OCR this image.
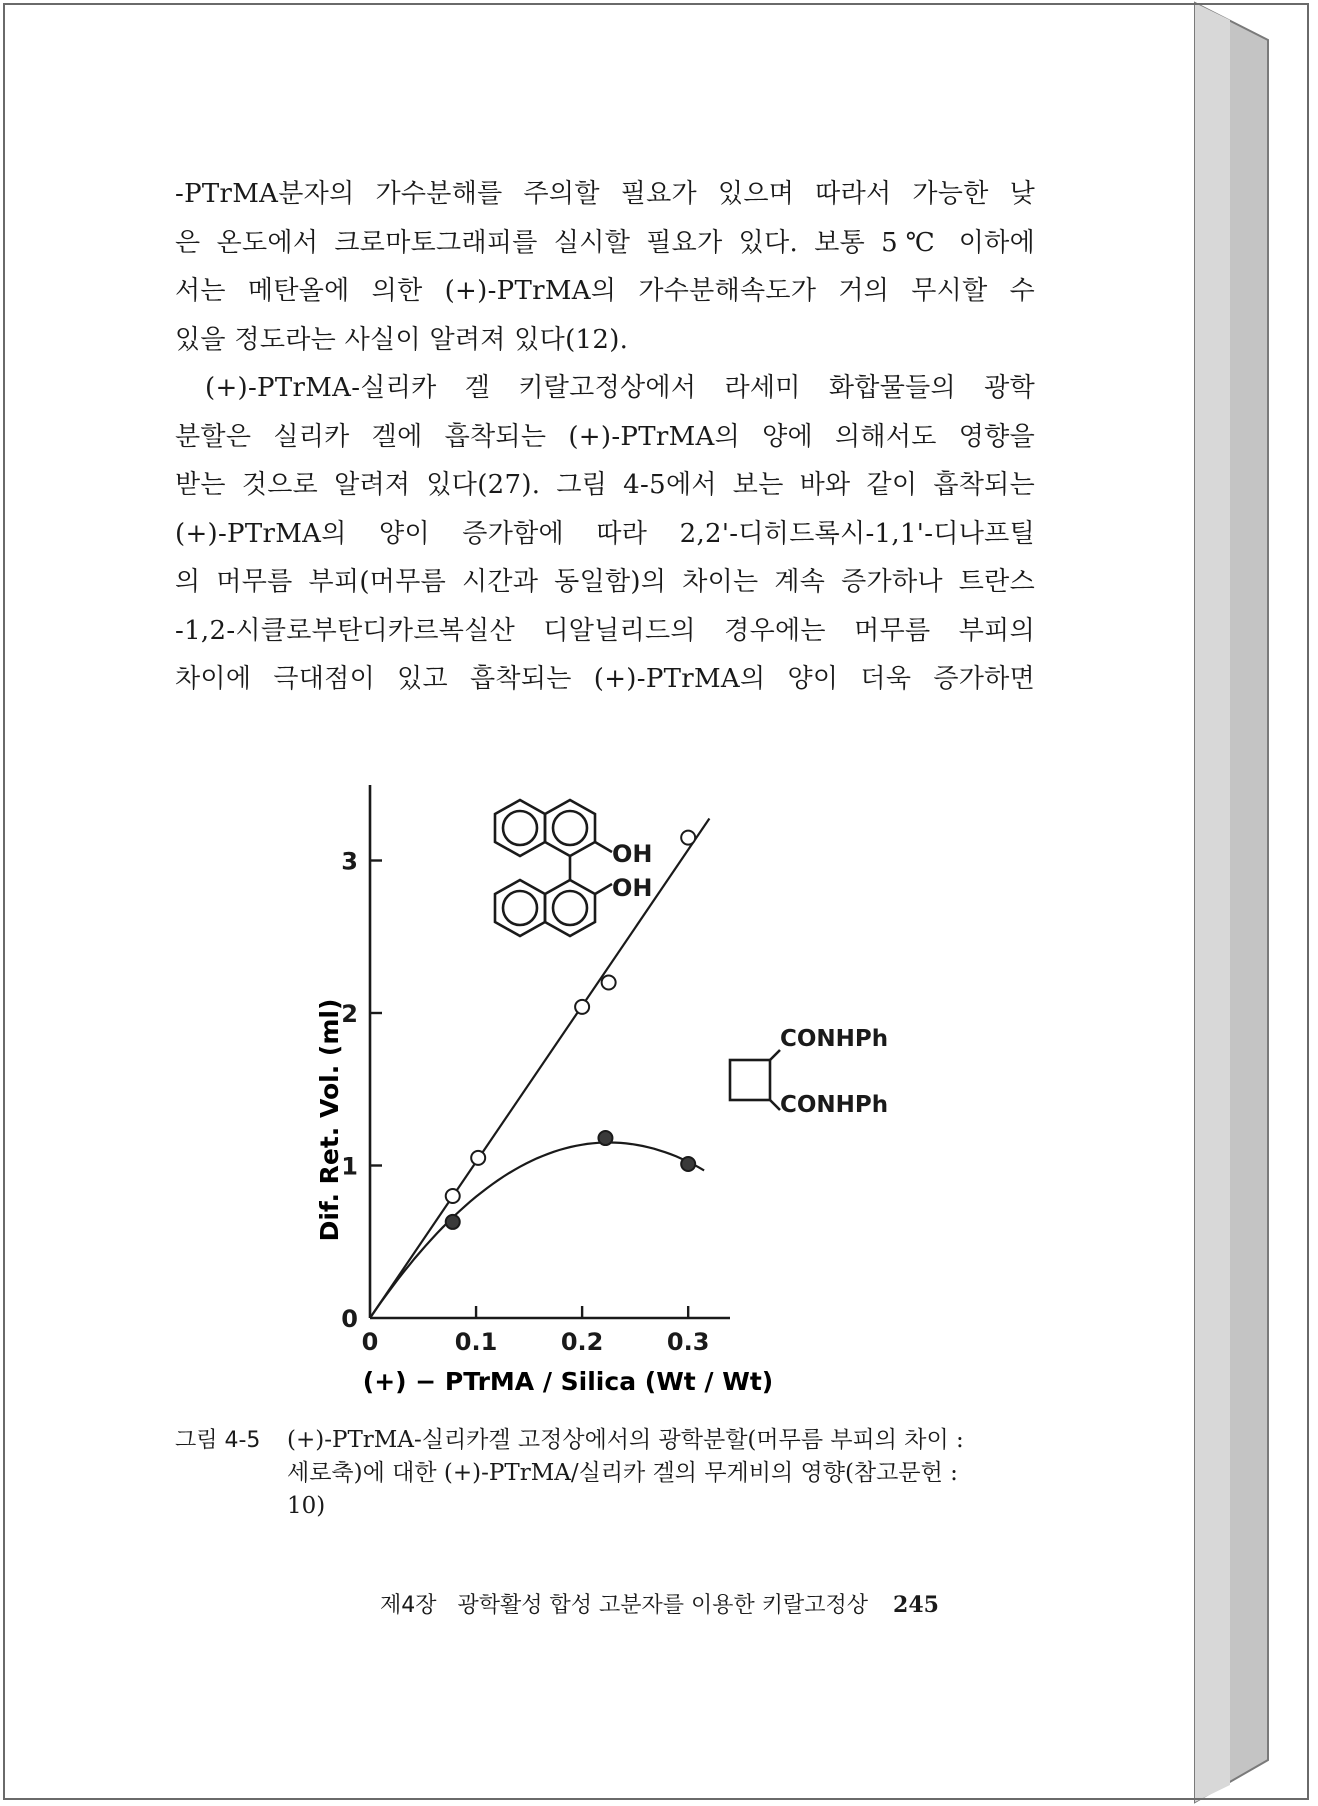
-PTrMA분자의 가수분해를 주의할 필요가 있으며 따라서 가능한 낮
은 온도에서 크로마토그래피를 실시할 필요가 있다. 보통 5℃ 이하에
서는 메탄올에 의한 (+)-PTrMA의 가수분해속도가 거의 무시할 수
있을 정도라는 사실이 알려져 있다(12).
(+)-PTrMA-실리카 겔 키랄고정상에서 라세미 화합물들의 광학
분할은 실리카 겔에 흡착되는 (+)-PTrMA의 양에 의해서도 영향을
받는 것으로 알려져 있다(27). 그림 4-5에서 보는 바와 같이 흡착되는
(+)-PTrMA의 양이 증가함에 따라 2,2'-디히드록시-1,1'-디나프틸
의 머무름 부피(머무름 시간과 동일함)의 차이는 계속 증가하나 트란스
-1,2-시클로부탄디카르복실산 디알닐리드의 경우에는 머무름 부피의
차이에 극대점이 있고 흡착되는 (+)-PTrMA의 양이 더욱 증가하면
0	0.1	0.2	0.3
0
1
2
3
(+) − PTrMA / Silica (Wt / Wt)
Dif. Ret. Vol. (ml)
OH
OH
CONHPh
CONHPh
그림 4-5 (+)-PTrMA-실리카겔 고정상에서의 광학분할(머무름 부피의 차이 :
세로축)에 대한 (+)-PTrMA/실리카 겔의 무게비의 영향(참고문헌 :
10)
제4장 광학활성 합성 고분자를 이용한 키랄고정상 245
